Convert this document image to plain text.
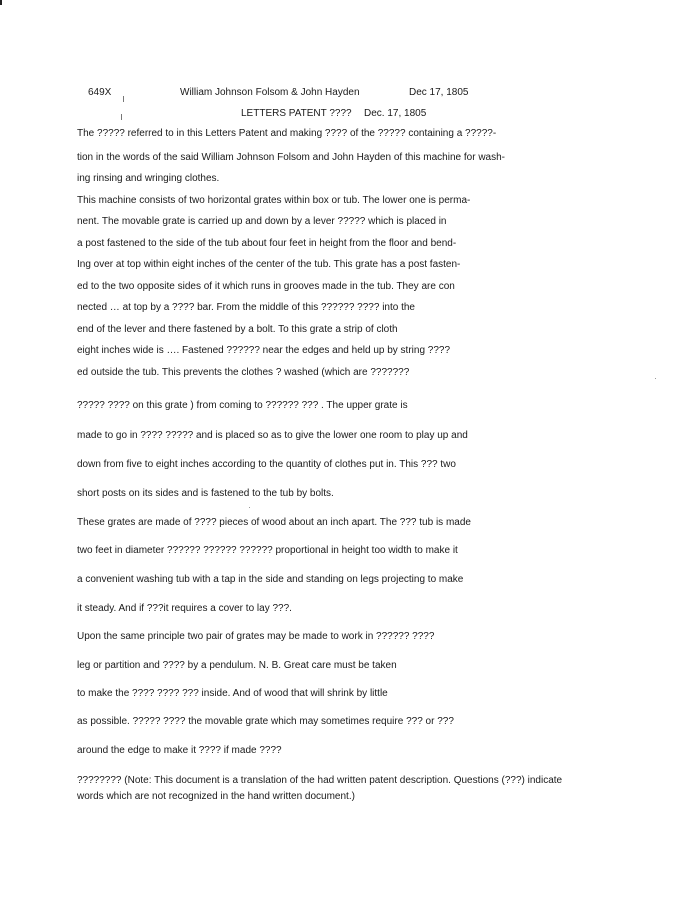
649X	William Johnson Folsom & John Hayden	Dec 17, 1805
LETTERS PATENT ???? Dec. 17, 1805
The ????? referred to in this Letters Patent and making ???? of the ????? containing a ?????-
tion in the words of the said William Johnson Folsom and John Hayden of this machine for wash-
ing rinsing and wringing clothes.
This machine consists of two horizontal grates within box or tub. The lower one is perma-
nent. The movable grate is carried up and down by a lever ????? which is placed in
a post fastened to the side of the tub about four feet in height from the floor and bend-
Ing over at top within eight inches of the center of the tub. This grate has a post fasten-
ed to the two opposite sides of it which runs in grooves made in the tub. They are con
nected … at top by a ???? bar. From the middle of this ?????? ???? into the
end of the lever and there fastened by a bolt. To this grate a strip of cloth
eight inches wide is …. Fastened ?????? near the edges and held up by string ????
ed outside the tub. This prevents the clothes ? washed (which are ???????
????? ???? on this grate ) from coming to ?????? ??? . The upper grate is
made to go in ???? ????? and is placed so as to give the lower one room to play up and
down from five to eight inches according to the quantity of clothes put in. This ??? two
short posts on its sides and is fastened to the tub by bolts.
These grates are made of ???? pieces of wood about an inch apart. The ??? tub is made
two feet in diameter ?????? ?????? ?????? proportional in height too width to make it
a convenient washing tub with a tap in the side and standing on legs projecting to make
it steady. And if ???it requires a cover to lay ???.
Upon the same principle two pair of grates may be made to work in ?????? ????
leg or partition and ???? by a pendulum. N. B. Great care must be taken
to make the ???? ???? ??? inside. And of wood that will shrink by little
as possible. ????? ???? the movable grate which may sometimes require ??? or ???
around the edge to make it ???? if made ????
???????? (Note: This document is a translation of the had written patent description. Questions (???) indicate
words which are not recognized in the hand written document.)
